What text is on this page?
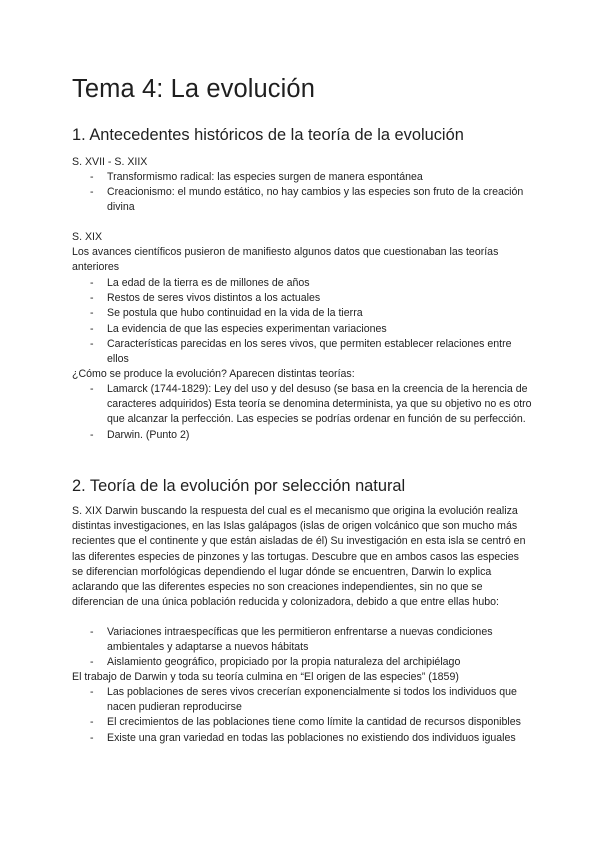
Tema 4: La evolución
1. Antecedentes históricos de la teoría de la evolución

S. XVII - S. XIIX

- Transformismo radical: las especies surgen de manera espontánea
- Creacionismo: el mundo estático, no hay cambios y las especies son fruto de la creación divina

S. XIX

Los avances científicos pusieron de manifiesto algunos datos que cuestionaban las teorías anteriores

- La edad de la tierra es de millones de años
- Restos de seres vivos distintos a los actuales
- Se postula que hubo continuidad en la vida de la tierra
- La evidencia de que las especies experimentan variaciones
- Características parecidas en los seres vivos, que permiten establecer relaciones entre ellos

¿Cómo se produce la evolución? Aparecen distintas teorías:

- Lamarck (1744-1829): Ley del uso y del desuso (se basa en la creencia de la herencia de caracteres adquiridos) Esta teoría se denomina determinista, ya que su objetivo no es otro que alcanzar la perfección. Las especies se podrías ordenar en función de su perfección.
- Darwin. (Punto 2)
2. Teoría de la evolución por selección natural

S. XIX Darwin buscando la respuesta del cual es el mecanismo que origina la evolución realiza distintas investigaciones, en las Islas galápagos (islas de origen volcánico que son mucho más recientes que el continente y que están aisladas de él) Su investigación en esta isla se centró en las diferentes especies de pinzones y las tortugas. Descubre que en ambos casos las especies se diferencian morfológicas dependiendo el lugar dónde se encuentren, Darwin lo explica aclarando que las diferentes especies no son creaciones independientes, sin no que se diferencian de una única población reducida y colonizadora, debido a que entre ellas hubo:

- Variaciones intraespecíficas que les permitieron enfrentarse a nuevas condiciones ambientales y adaptarse a nuevos hábitats
- Aislamiento geográfico, propiciado por la propia naturaleza del archipiélago

El trabajo de Darwin y toda su teoría culmina en “El origen de las especies” (1859)

- Las poblaciones de seres vivos crecerían exponencialmente si todos los individuos que nacen pudieran reproducirse
- El crecimientos de las poblaciones tiene como límite la cantidad de recursos disponibles
- Existe una gran variedad en todas las poblaciones no existiendo dos individuos iguales
